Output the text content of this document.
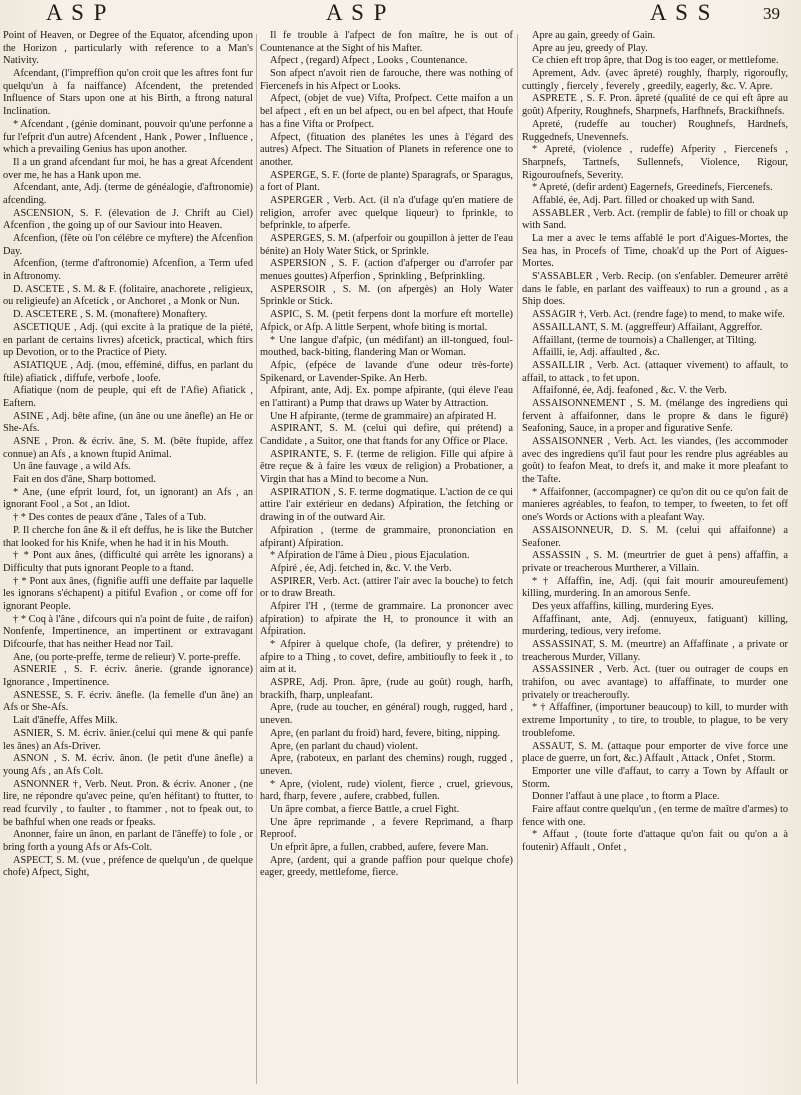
A S P	A S P	A S S	39

Point of Heaven, or Degree of the Equator, afcending upon the Horizon , particularly with reference to a Man's Nativity.

Afcendant, (l'impreffion qu'on croit que les aftres font fur quelqu'un à fa naiffance) Afcendent, the pretended Influence of Stars upon one at his Birth, a ftrong natural Inclination.

* Afcendant , (génie dominant, pouvoir qu'une perfonne a fur l'efprit d'un autre) Afcendent , Hank , Power , Influence , which a prevailing Genius has upon another.

Il a un grand afcendant fur moi, he has a great Afcendent over me, he has a Hank upon me.

Afcendant, ante, Adj. (terme de généalogie, d'aftronomie) afcending.

ASCENSION, S. F. (élevation de J. Chrift au Ciel) Afcenfion , the going up of our Saviour into Heaven.

Afcenfion, (fête où l'on célébre ce myftere) the Afcenfion Day.

Afcenfion, (terme d'aftronomie) Afcenfion, a Term ufed in Aftronomy.

D. ASCETE , S. M. & F. (folitaire, anachorete , religieux, ou religieufe) an Afcetick , or Anchoret , a Monk or Nun.

D. ASCETERE , S. M. (monaftere) Monaftery.

ASCETIQUE , Adj. (qui excite à la pratique de la piété, en parlant de certains livres) afcetick, practical, which ftirs up Devotion, or to the Practice of Piety.

ASIATIQUE , Adj. (mou, efféminé, diffus, en parlant du ftile) afiatick , diffufe, verbofe , loofe.

Afiatique (nom de peuple, qui eft de l'Afie) Afiatick , Eaftern.

ASINE , Adj. bête afine, (un âne ou une ânefle) an He or She-Afs.

ASNE , Pron. & écriv. âne, S. M. (bête ftupide, affez connue) an Afs , a known ftupid Animal.

Un âne fauvage , a wild Afs.

Fait en dos d'âne, Sharp bottomed.

* Ane, (une efprit lourd, fot, un ignorant) an Afs , an ignorant Fool , a Sot , an Idiot.

† * Des contes de peaux d'âne , Tales of a Tub.

P. Il cherche fon âne & il eft deffus, he is like the Butcher that looked for his Knife, when he had it in his Mouth.

† * Pont aux ânes, (difficulté qui arrête les ignorans) a Difficulty that puts ignorant People to a ftand.

† * Pont aux ânes, (fignifie auffi une deffaite par laquelle les ignorans s'échapent) a pitiful Evafion , or come off for ignorant People.

† * Coq à l'âne , difcours qui n'a point de fuite , de raifon) Nonfenfe, Impertinence, an impertinent or extravagant Difcourfe, that has neither Head nor Tail.

Ane, (ou porte-preffe, terme de relieur) V. porte-preffe.

ASNERIE , S. F. écriv. ânerie. (grande ignorance) Ignorance , Impertinence.

ASNESSE, S. F. écriv. ânefle. (la femelle d'un âne) an Afs or She-Afs.

Lait d'âneffe, Affes Milk.

ASNIER, S. M. écriv. ânier.(celui qui mene & qui panfe les ânes) an Afs-Driver.

ASNON , S. M. écriv. ânon. (le petit d'une ânefle) a young Afs , an Afs Colt.

ASNONNER †, Verb. Neut. Pron. & écriv. Anoner , (ne lire, ne répondre qu'avec peine, qu'en héfitant) to ftutter, to read fcurvily , to faulter , to ftammer , not to fpeak out, to be bafhful when one reads or fpeaks.

Anonner, faire un ânon, en parlant de l'âneffe) to fole , or bring forth a young Afs or Afs-Colt.

ASPECT, S. M. (vue , préfence de quelqu'un , de quelque chofe) Afpect, Sight,

Il fe trouble à l'afpect de fon maître, he is out of Countenance at the Sight of his Mafter.

Afpect , (regard) Afpect , Looks , Countenance.

Son afpect n'avoit rien de farouche, there was nothing of Fiercenefs in his Afpect or Looks.

Afpect, (objet de vue) Vifta, Profpect. Cette maifon a un bel afpect , eft en un bel afpect, ou en bel afpect, that Houfe has a fine Vifta or Profpect.

Afpect, (fituation des planétes les unes à l'égard des autres) Afpect. The Situation of Planets in reference one to another.

ASPERGE, S. F. (forte de plante) Sparagrafs, or Sparagus, a fort of Plant.

ASPERGER , Verb. Act. (il n'a d'ufage qu'en matiere de religion, arrofer avec quelque liqueur) to fprinkle, to befprinkle, to afperfe.

ASPERGES, S. M. (afperfoir ou goupillon à jetter de l'eau bénite) an Holy Water Stick, or Sprinkle.

ASPERSION , S. F. (action d'afperger ou d'arrofer par menues gouttes) Afperfion , Sprinkling , Befprinkling.

ASPERSOIR , S. M. (on afpergès) an Holy Water Sprinkle or Stick.

ASPIC, S. M. (petit ferpens dont la morfure eft mortelle) Afpick, or Afp. A little Serpent, whofe biting is mortal.

* Une langue d'afpic, (un médifant) an ill-tongued, foul-mouthed, back-biting, flandering Man or Woman.

Afpic, (efpéce de lavande d'une odeur très-forte) Spikenard, or Lavender-Spike. An Herb.

Afpirant, ante, Adj. Ex. pompe afpirante, (qui éleve l'eau en l'attirant) a Pump that draws up Water by Attraction.

Une H afpirante, (terme de grammaire) an afpirated H.

ASPIRANT, S. M. (celui qui defire, qui prétend) a Candidate , a Suitor, one that ftands for any Office or Place.

ASPIRANTE, S. F. (terme de religion. Fille qui afpire à être reçue & à faire les vœux de religion) a Probationer, a Virgin that has a Mind to become a Nun.

ASPIRATION , S. F. terme dogmatique. L'action de ce qui attire l'air extérieur en dedans) Afpiration, the fetching or drawing in of the outward Air.

Afpiration , (terme de grammaire, prononciation en afpirant) Afpiration.

* Afpiration de l'âme à Dieu , pious Ejaculation.

Afpiré , ée, Adj. fetched in, &c. V. the Verb.

ASPIRER, Verb. Act. (attirer l'air avec la bouche) to fetch or to draw Breath.

Afpirer l'H , (terme de grammaire. La prononcer avec afpiration) to afpirate the H, to pronounce it with an Afpiration.

* Afpirer à quelque chofe, (la defirer, y prétendre) to afpire to a Thing , to covet, defire, ambitioufly to feek it , to aim at it.

ASPRE, Adj. Pron. âpre, (rude au goût) rough, harfh, brackifh, fharp, unpleafant.

Apre, (rude au toucher, en général) rough, rugged, hard , uneven.

Apre, (en parlant du froid) hard, fevere, biting, nipping.

Apre, (en parlant du chaud) violent.

Apre, (raboteux, en parlant des chemins) rough, rugged , uneven.

* Apre, (violent, rude) violent, fierce , cruel, grievous, hard, fharp, fevere , aufere, crabbed, fullen.

Un âpre combat, a fierce Battle, a cruel Fight.

Une âpre reprimande , a fevere Reprimand, a fharp Reproof.

Un efprit âpre, a fullen, crabbed, aufere, fevere Man.

Apre, (ardent, qui a grande paffion pour quelque chofe) eager, greedy, mettlefome, fierce.

Apre au gain, greedy of Gain.

Apre au jeu, greedy of Play.

Ce chien eft trop âpre, that Dog is too eager, or mettlefome.

Aprement, Adv. (avec âpreté) roughly, fharply, rigoroufly, cuttingly , fiercely , feverely , greedily, eagerly, &c. V. Apre.

ASPRETE , S. F. Pron. âpreté (qualité de ce qui eft âpre au goût) Afperity, Roughnefs, Sharpnefs, Harfhnefs, Brackifhnefs.

Apreté, (rudeffe au toucher) Roughnefs, Hardnefs, Ruggednefs, Unevennefs.

* Apreté, (violence , rudeffe) Afperity , Fiercenefs , Sharpnefs, Tartnefs, Sullennefs, Violence, Rigour, Rigouroufnefs, Severity.

* Apreté, (defir ardent) Eagernefs, Greedinefs, Fiercenefs.

Affablé, ée, Adj. Part. filled or choaked up with Sand.

ASSABLER , Verb. Act. (remplir de fable) to fill or choak up with Sand.

La mer a avec le tems affablé le port d'Aigues-Mortes, the Sea has, in Procefs of Time, choak'd up the Port of Aigues-Mortes.

S'ASSABLER , Verb. Recip. (on s'enfabler. Demeurer arrêté dans le fable, en parlant des vaiffeaux) to run a ground , as a Ship does.

ASSAGIR †, Verb. Act. (rendre fage) to mend, to make wife.

ASSAILLANT, S. M. (aggreffeur) Affailant, Aggreffor.

Affaillant, (terme de tournois) a Challenger, at Tilting.

Affailli, ie, Adj. affaulted , &c.

ASSAILLIR , Verb. Act. (attaquer vivement) to affault, to affail, to attack , to fet upon.

Affaifonné, ée, Adj. feafoned , &c. V. the Verb.

ASSAISONNEMENT , S. M. (mélange des ingrediens qui fervent à affaifonner, dans le propre & dans le figuré) Seafoning, Sauce, in a proper and figurative Senfe.

ASSAISONNER , Verb. Act. les viandes, (les accommoder avec des ingrediens qu'il faut pour les rendre plus agréables au goût) to feafon Meat, to drefs it, and make it more pleafant to the Tafte.

* Affaifonner, (accompagner) ce qu'on dit ou ce qu'on fait de manieres agréables, to feafon, to temper, to fweeten, to fet off one's Words or Actions with a pleafant Way.

ASSAISONNEUR, D. S. M. (celui qui affaifonne) a Seafoner.

ASSASSIN , S. M. (meurtrier de guet à pens) affaffin, a private or treacherous Murtherer, a Villain.

* † Affaffin, ine, Adj. (qui fait mourir amoureufement) killing, murdering. In an amorous Senfe.

Des yeux affaffins, killing, murdering Eyes.

Affaffinant, ante, Adj. (ennuyeux, fatiguant) killing, murdering, tedious, very irefome.

ASSASSINAT, S. M. (meurtre) an Affaffinate , a private or treacherous Murder, Villany.

ASSASSINER , Verb. Act. (tuer ou outrager de coups en trahifon, ou avec avantage) to affaffinate, to murder one privately or treacheroufly.

* † Affaffiner, (importuner beaucoup) to kill, to murder with extreme Importunity , to tire, to trouble, to plague, to be very troublefome.

ASSAUT, S. M. (attaque pour emporter de vive force une place de guerre, un fort, &c.) Affault , Attack , Onfet , Storm.

Emporter une ville d'affaut, to carry a Town by Affault or Storm.

Donner l'affaut à une place , to ftorm a Place.

Faire affaut contre quelqu'un , (en terme de maître d'armes) to fence with one.

* Affaut , (toute forte d'attaque qu'on fait ou qu'on a à foutenir) Affault , Onfet ,
